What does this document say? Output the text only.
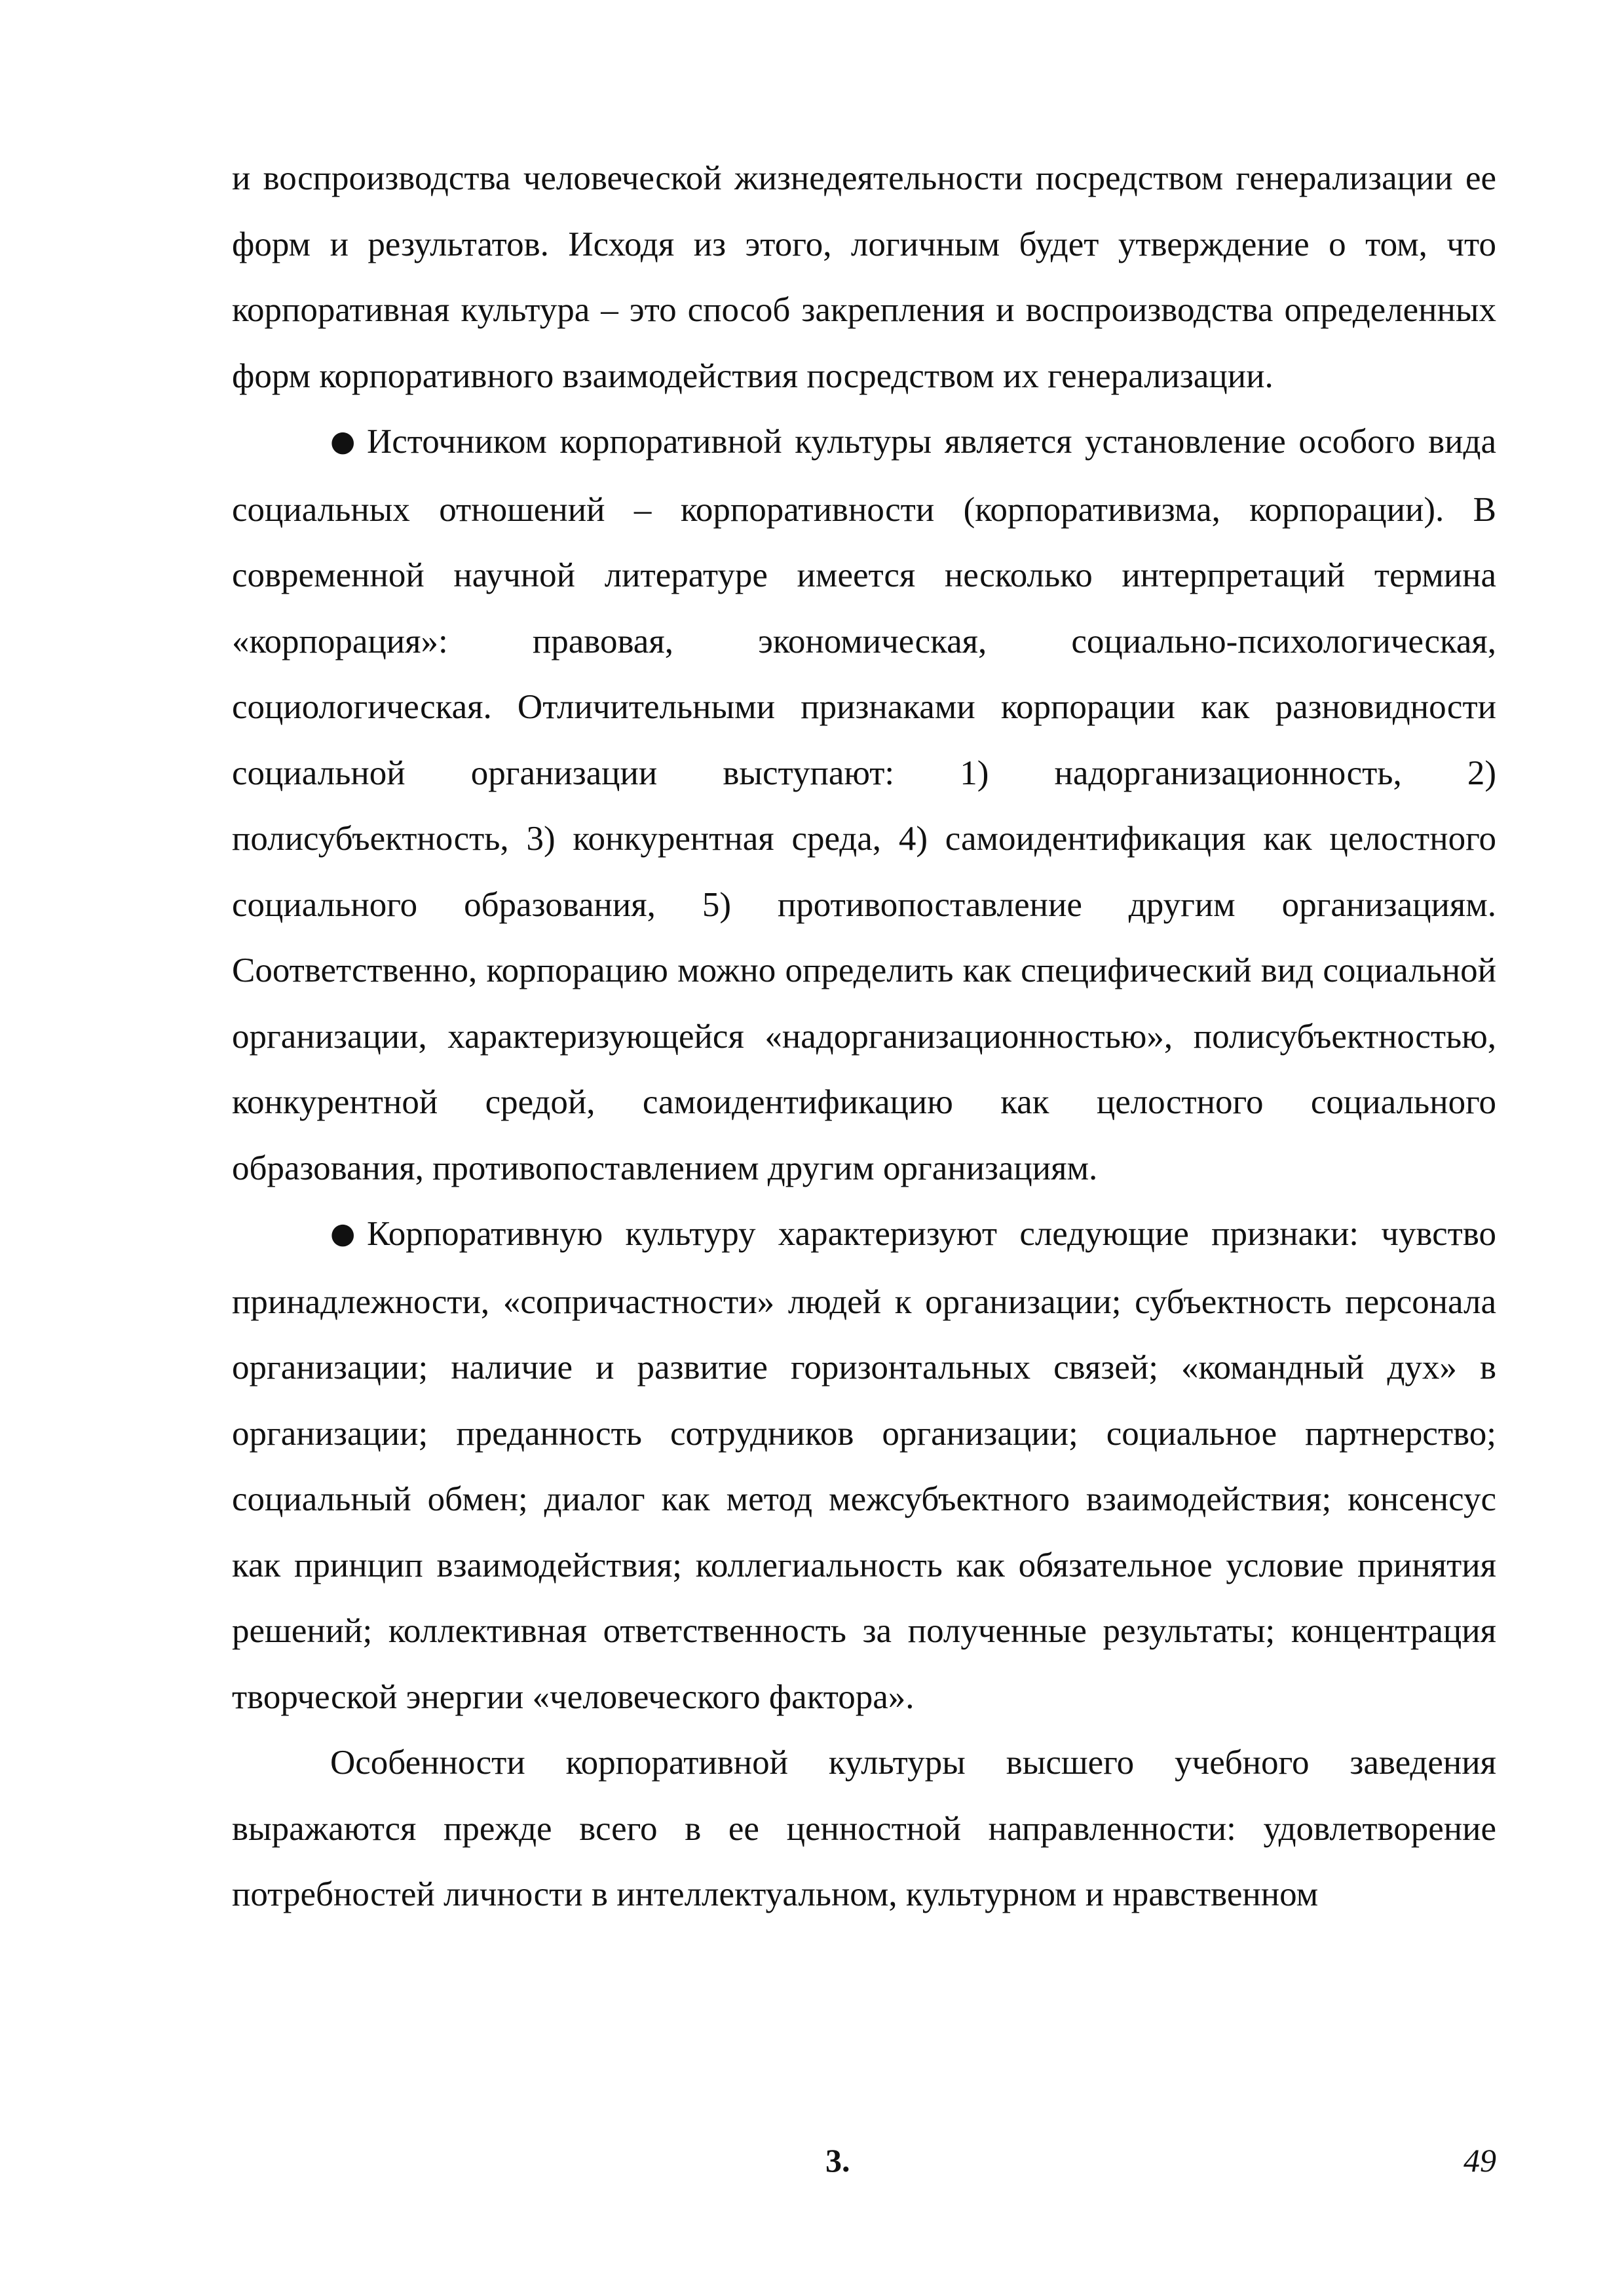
и воспроизводства человеческой жизнедеятельности посредством генерализации ее форм и результатов. Исходя из этого, логичным будет утверждение о том, что корпоративная культура – это способ закрепления и воспроизводства определенных форм корпоративного взаимодействия посредством их генерализации.

● Источником корпоративной культуры является установление особого вида социальных отношений – корпоративности (корпоративизма, корпорации). В современной научной литературе имеется несколько интерпретаций термина «корпорация»: правовая, экономическая, социально-психологическая, социологическая. Отличительными признаками корпорации как разновидности социальной организации выступают: 1) надорганизационность, 2) полисубъектность, 3) конкурентная среда, 4) самоидентификация как целостного социального образования, 5) противопоставление другим организациям. Соответственно, корпорацию можно определить как специфический вид социальной организации, характеризующейся «надорганизационностью», полисубъектностью, конкурентной средой, самоидентификацию как целостного социального образования, противопоставлением другим организациям.

● Корпоративную культуру характеризуют следующие признаки: чувство принадлежности, «сопричастности» людей к организации; субъектность персонала организации; наличие и развитие горизонтальных связей; «командный дух» в организации; преданность сотрудников организации; социальное партнерство; социальный обмен; диалог как метод межсубъектного взаимодействия; консенсус как принцип взаимодействия; коллегиальность как обязательное условие принятия решений; коллективная ответственность за полученные результаты; концентрация творческой энергии «человеческого фактора».

Особенности корпоративной культуры высшего учебного заведения выражаются прежде всего в ее ценностной направленности: удовлетворение потребностей личности в интеллектуальном, культурном и нравственном

3.	49
